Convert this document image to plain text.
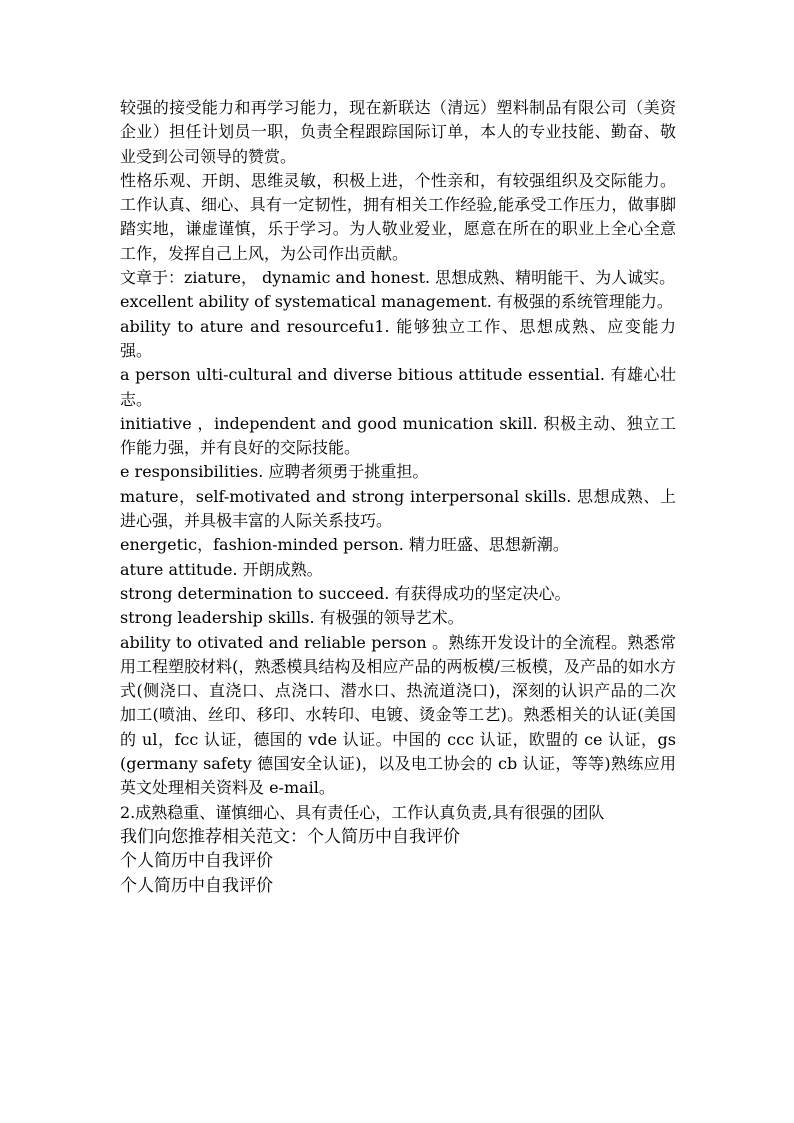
较强的接受能力和再学习能力，现在新联达（清远）塑料制品有限公司（美资企业）担任计划员一职，负责全程跟踪国际订单，本人的专业技能、勤奋、敬业受到公司领导的赞赏。

性格乐观、开朗、思维灵敏，积极上进，个性亲和，有较强组织及交际能力。工作认真、细心、具有一定韧性，拥有相关工作经验,能承受工作压力，做事脚踏实地，谦虚谨慎，乐于学习。为人敬业爱业，愿意在所在的职业上全心全意工作，发挥自己上风，为公司作出贡献。

文章于：ziature， dynamic and honest. 思想成熟、精明能干、为人诚实。

excellent ability of systematical management. 有极强的系统管理能力。

ability to ature and resourcefu1. 能够独立工作、思想成熟、应变能力强。

a person ulti-cultural and diverse bitious attitude essential. 有雄心壮志。

initiative ，independent and good munication skill. 积极主动、独立工作能力强，并有良好的交际技能。

e responsibilities. 应聘者须勇于挑重担。

mature，self-motivated and strong interpersonal skills. 思想成熟、上进心强，并具极丰富的人际关系技巧。

energetic，fashion-minded person. 精力旺盛、思想新潮。

ature attitude. 开朗成熟。

strong determination to succeed. 有获得成功的坚定决心。

strong leadership skills. 有极强的领导艺术。

ability to otivated and reliable person 。熟练开发设计的全流程。熟悉常用工程塑胶材料(，熟悉模具结构及相应产品的两板模/三板模，及产品的如水方式(侧浇口、直浇口、点浇口、潜水口、热流道浇口)，深刻的认识产品的二次加工(喷油、丝印、移印、水转印、电镀、烫金等工艺)。熟悉相关的认证(美国的 ul，fcc 认证，德国的 vde 认证。中国的 ccc 认证，欧盟的 ce 认证，gs(germany safety 德国安全认证)，以及电工协会的 cb 认证，等等)熟练应用英文处理相关资料及 e-mail。

2.成熟稳重、谨慎细心、具有责任心，工作认真负责,具有很强的团队

我们向您推荐相关范文：个人简历中自我评价

个人简历中自我评价

个人简历中自我评价
